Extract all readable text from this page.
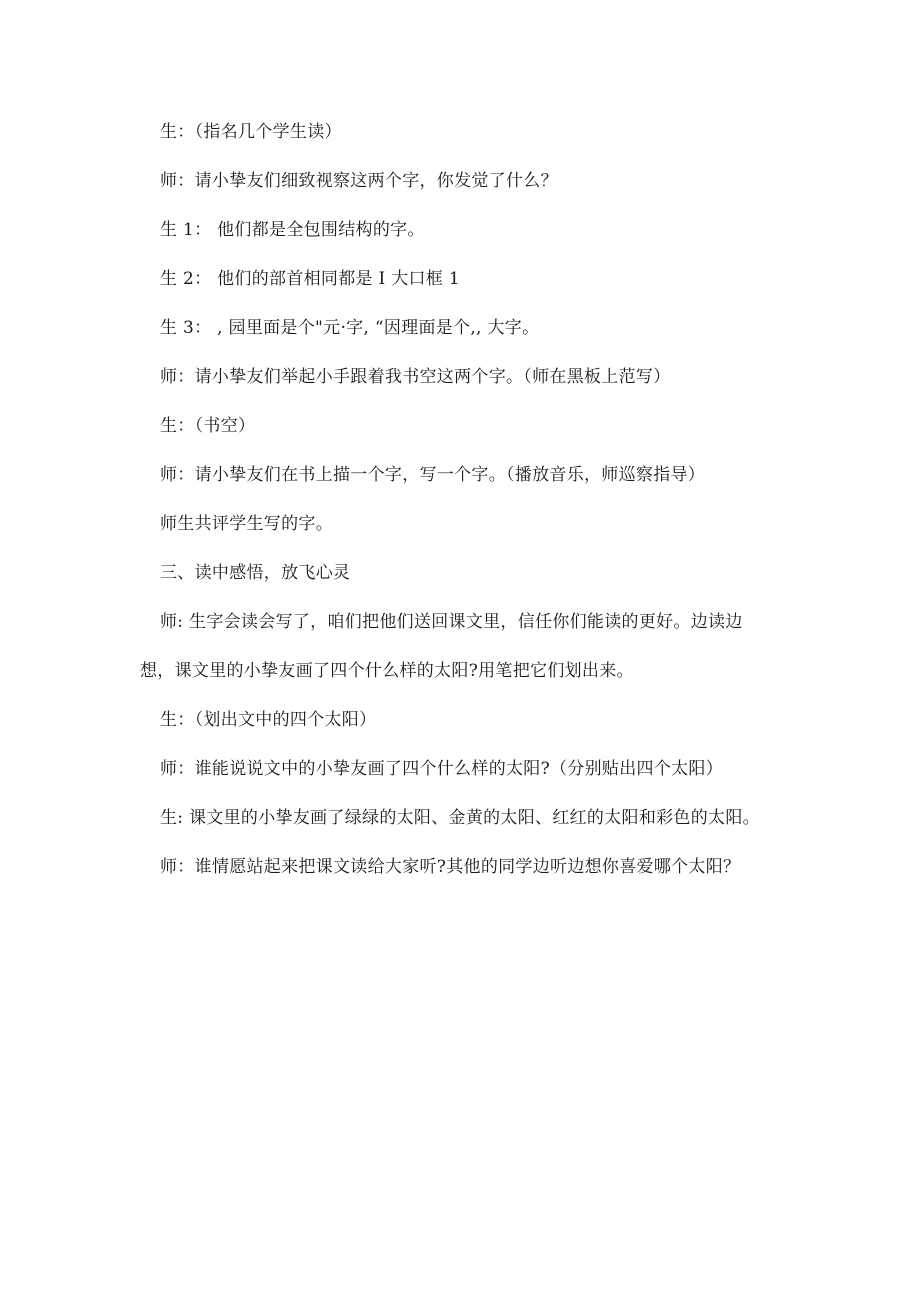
生：（指名几个学生读）
师：请小挚友们细致视察这两个字，你发觉了什么？
生 1： 他们都是全包围结构的字。
生 2： 他们的部首相同都是 I 大口框 1
生 3： , 园里面是个"元·字, “因理面是个,, 大字。
师：请小挚友们举起小手跟着我书空这两个字。（师在黑板上范写）
生：（书空）
师：请小挚友们在书上描一个字，写一个字。（播放音乐，师巡察指导）
师生共评学生写的字。
三、读中感悟，放飞心灵
师: 生字会读会写了，咱们把他们送回课文里，信任你们能读的更好。边读边
想，课文里的小挚友画了四个什么样的太阳?用笔把它们划出来。
生：（划出文中的四个太阳）
师：谁能说说文中的小挚友画了四个什么样的太阳?（分别贴出四个太阳）
生: 课文里的小挚友画了绿绿的太阳、金黄的太阳、红红的太阳和彩色的太阳。
师：谁情愿站起来把课文读给大家听?其他的同学边听边想你喜爱哪个太阳？
